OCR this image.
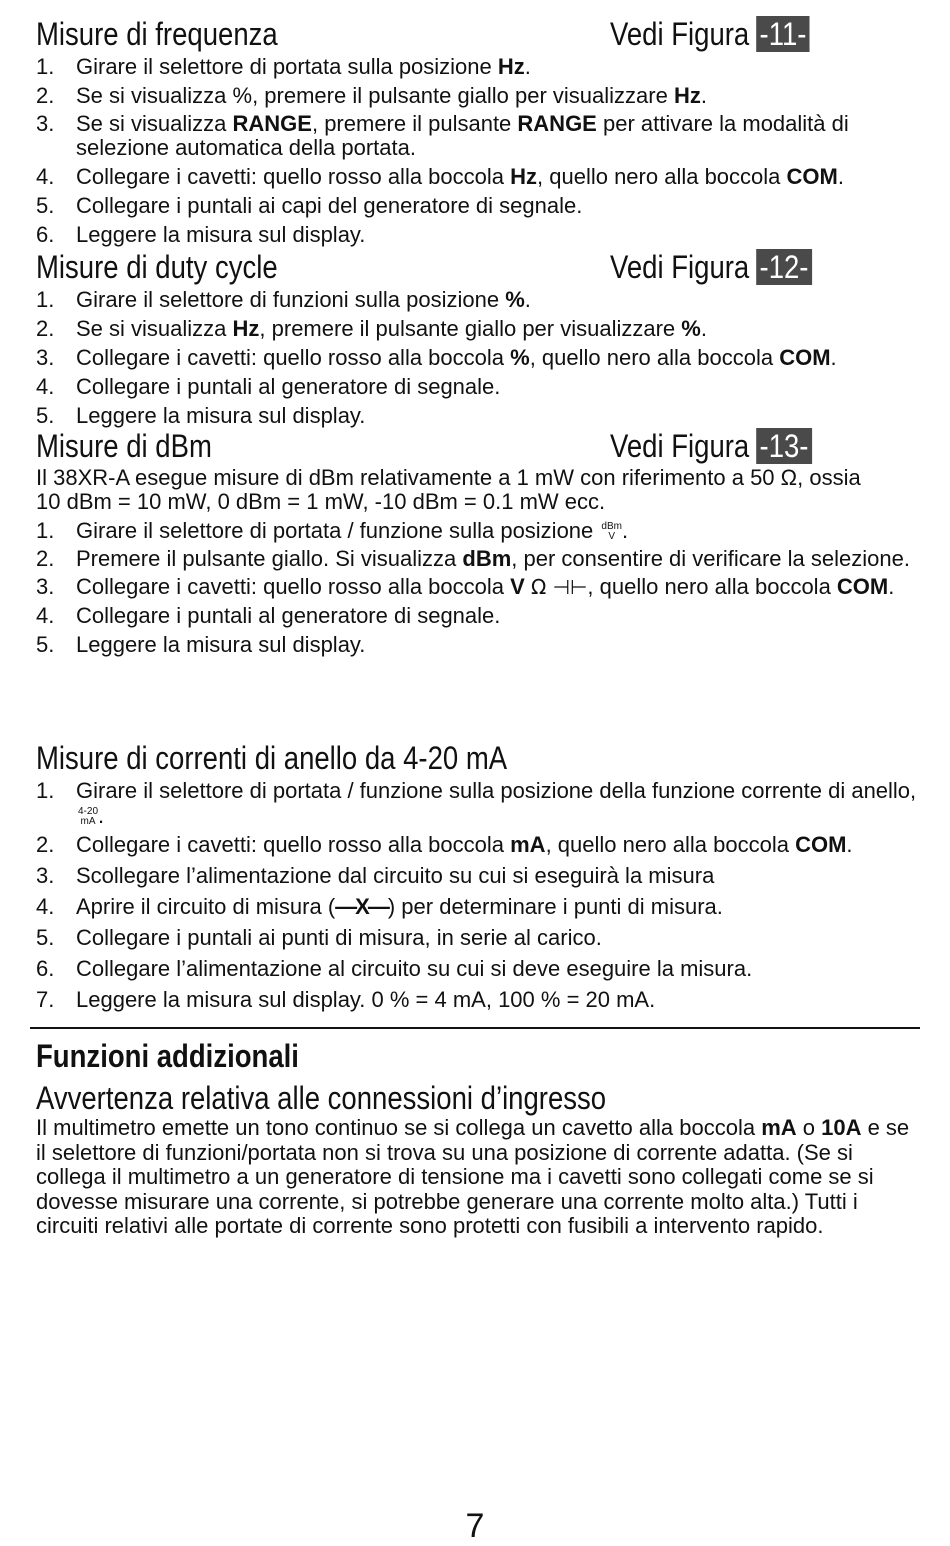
Misure di frequenza	Vedi Figura -11-
1. Girare il selettore di portata sulla posizione Hz.
2. Se si visualizza %, premere il pulsante giallo per visualizzare Hz.
3. Se si visualizza RANGE, premere il pulsante RANGE per attivare la modalità di selezione automatica della portata.
4. Collegare i cavetti: quello rosso alla boccola Hz, quello nero alla boccola COM.
5. Collegare i puntali ai capi del generatore di segnale.
6. Leggere la misura sul display.
Misure di duty cycle	Vedi Figura -12-
1. Girare il selettore di funzioni sulla posizione %.
2. Se si visualizza Hz, premere il pulsante giallo per visualizzare %.
3. Collegare i cavetti: quello rosso alla boccola %, quello nero alla boccola COM.
4. Collegare i puntali al generatore di segnale.
5. Leggere la misura sul display.
Misure di dBm	Vedi Figura -13-

Il 38XR-A esegue misure di dBm relativamente a 1 mW con riferimento a 50 Ω, ossia

10 dBm = 10 mW, 0 dBm = 1 mW, -10 dBm = 0.1 mW ecc.

1. Girare il selettore di portata / funzione sulla posizione dBm
V .
2. Premere il pulsante giallo. Si visualizza dBm, per consentire di verificare la selezione.
3. Collegare i cavetti: quello rosso alla boccola V Ω ⊣⊢, quello nero alla boccola COM.
4. Collegare i puntali al generatore di segnale.
5. Leggere la misura sul display.
Misure di correnti di anello da 4-20 mA
1. Girare il selettore di portata / funzione sulla posizione della funzione corrente di anello, 4-20
mA .
2. Collegare i cavetti: quello rosso alla boccola mA, quello nero alla boccola COM.
3. Scollegare l’alimentazione dal circuito su cui si eseguirà la misura
4. Aprire il circuito di misura (—X—) per determinare i punti di misura.
5. Collegare i puntali ai punti di misura, in serie al carico.
6. Collegare l’alimentazione al circuito su cui si deve eseguire la misura.
7. Leggere la misura sul display. 0 % = 4 mA, 100 % = 20 mA.
Funzioni addizionali
Avvertenza relativa alle connessioni d’ingresso
Il multimetro emette un tono continuo se si collega un cavetto alla boccola mA o 10A e se il selettore di funzioni/portata non si trova su una posizione di corrente adatta. (Se si collega il multimetro a un generatore di tensione ma i cavetti sono collegati come se si dovesse misurare una corrente, si potrebbe generare una corrente molto alta.) Tutti i circuiti relativi alle portate di corrente sono protetti con fusibili a intervento rapido.
7
